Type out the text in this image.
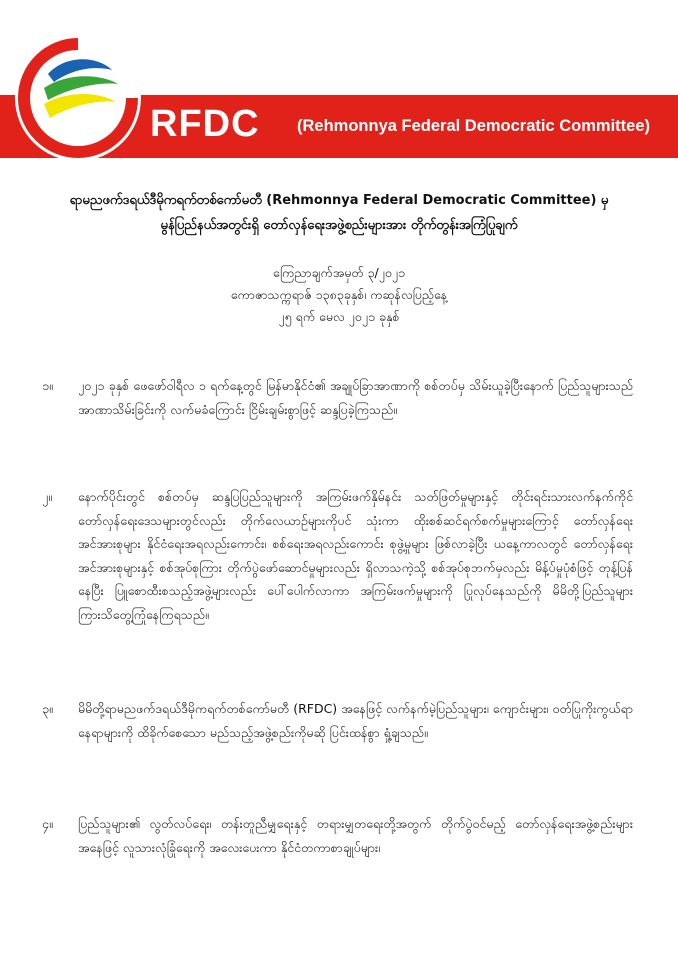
RFDC (Rehmonnya Federal Democratic Committee)
ရာမညဖက်ဒရယ်ဒီမိုကရက်တစ်ကော်မတီ (Rehmonnya Federal Democratic Committee) မှ
မွန်ပြည်နယ်အတွင်းရှိ တော်လှန်ရေးအဖွဲ့စည်းများအား တိုက်တွန်းအကြံပြုချက်
ကြေညာချက်အမှတ် ၃/၂၀၂၁
ကောဇာသက္ကရာဇ် ၁၃၈၃ခုနှစ်၊ ကဆုန်လပြည့်နေ့
၂၅ ရက် မေလ ၂၀၂၁ ခုနှစ်
၁။	၂၀၂၁ ခုနှစ် ဖေဖော်ဝါရီလ ၁ ရက်နေ့တွင် မြန်မာနိုင်ငံ၏ အချုပ်ခြာအာဏာကို စစ်တပ်မှ သိမ်းယူခဲ့ပြီးနောက် ပြည်သူများသည် အာဏာသိမ်းခြင်းကို လက်မခံကြောင်း ငြိမ်းချမ်းစွာဖြင့် ဆန္ဒပြခဲ့ကြသည်။
၂။	နောက်ပိုင်းတွင် စစ်တပ်မှ ဆန္ဒပြပြည်သူများကို အကြမ်းဖက်နှိမ်နင်း သတ်ဖြတ်မှုများနှင့် တိုင်းရင်းသားလက်နက်ကိုင်တော်လှန်ရေးဒေသများတွင်လည်း တိုက်လေယာဉ်များကိုပင် သုံးကာ ထိုးစစ်ဆင်ရက်စက်မှုများကြောင့် တော်လှန်ရေးအင်အားစုများ နိုင်ငံရေးအရလည်းကောင်း၊ စစ်ရေးအရလည်းကောင်း စုဖွဲ့မှုများ ဖြစ်လာခဲ့ပြီး ယနေ့ကာလတွင် တော်လှန်ရေးအင်အားစုများနှင့် စစ်အုပ်စုကြား တိုက်ပွဲဖော်ဆောင်မှုများလည်း ရှိလာသကဲ့သို့ စစ်အုပ်စုဘက်မှလည်း မိန့်ပ်မှုပုံစံဖြင့် တုန့်ပြန်နေပြီး ပြူစောထီးစသည့်အဖွဲ့များလည်း ပေါ်ပေါက်လာကာ အကြမ်းဖက်မှုများကို ပြုလုပ်နေသည်ကို မိမိတို့ပြည်သူများ ကြားသိတွေ့ကြုံနေကြရသည်။
၃။	မိမိတို့ရာမညဖက်ဒရယ်ဒီမိုကရက်တစ်ကော်မတီ (RFDC) အနေဖြင့် လက်နက်မဲ့ပြည်သူများ၊ ကျောင်းများ၊ ဝတ်ပြုကိုးကွယ်ရာနေရာများကို ထိခိုက်စေသော မည်သည့်အဖွဲ့စည်းကိုမဆို ပြင်းထန်စွာ ရှုံ့ချသည်။
၄။	ပြည်သူများ၏ လွတ်လပ်ရေး၊ တန်းတူညီမျှရေးနှင့် တရားမျှတရေးတို့အတွက် တိုက်ပွဲဝင်မည့် တော်လှန်ရေးအဖွဲ့စည်းများအနေဖြင့် လူသားလုံခြုံရေးကို အလေးပေးကာ နိုင်ငံတကာစာချုပ်များ၊
